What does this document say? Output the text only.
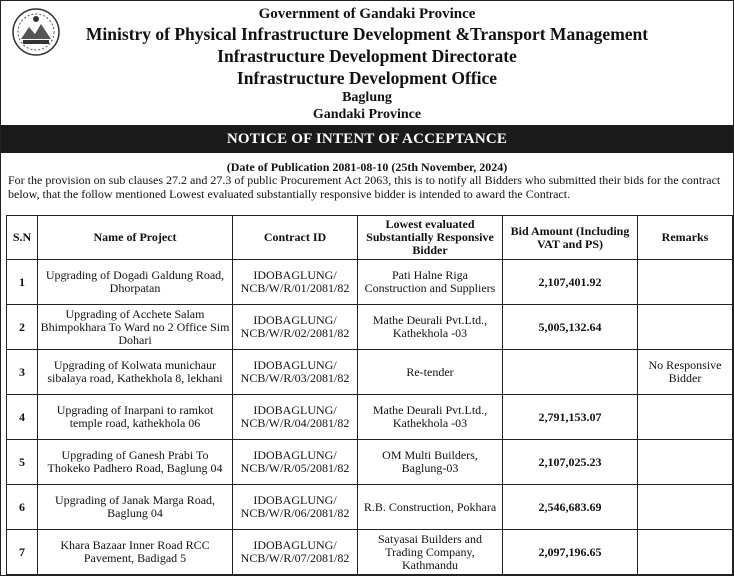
Government of Gandaki Province
Ministry of Physical Infrastructure Development &Transport Management
Infrastructure Development Directorate
Infrastructure Development Office
Baglung
Gandaki Province
NOTICE OF INTENT OF ACCEPTANCE
(Date of Publication 2081-08-10 (25th November, 2024)
For the provision on sub clauses 27.2 and 27.3 of public Procurement Act 2063, this is to notify all Bidders who submitted their bids for the contract below, that the follow mentioned Lowest evaluated substantially responsive bidder is intended to award the Contract.
S.N	Name of Project	Contract ID	Lowest evaluated Substantially Responsive Bidder	Bid Amount (Including VAT and PS)	Remarks
1	Upgrading of Dogadi Galdung Road, Dhorpatan	IDOBAGLUNG/ NCB/W/R/01/2081/82	Pati Halne Riga Construction and Suppliers	2,107,401.92	
2	Upgrading of Acchete Salam Bhimpokhara To Ward no 2 Office Sim Dohari	IDOBAGLUNG/ NCB/W/R/02/2081/82	Mathe Deurali Pvt.Ltd., Kathekhola -03	5,005,132.64	
3	Upgrading of Kolwata munichaur sibalaya road, Kathekhola 8, lekhani	IDOBAGLUNG/ NCB/W/R/03/2081/82	Re-tender		No Responsive Bidder
4	Upgrading of Inarpani to ramkot temple road, kathekhola 06	IDOBAGLUNG/ NCB/W/R/04/2081/82	Mathe Deurali Pvt.Ltd., Kathekhola -03	2,791,153.07	
5	Upgrading of Ganesh Prabi To Thokeko Padhero Road, Baglung 04	IDOBAGLUNG/ NCB/W/R/05/2081/82	OM Multi Builders, Baglung-03	2,107,025.23	
6	Upgrading of Janak Marga Road, Baglung 04	IDOBAGLUNG/ NCB/W/R/06/2081/82	R.B. Construction, Pokhara	2,546,683.69	
7	Khara Bazaar Inner Road RCC Pavement, Badigad 5	IDOBAGLUNG/ NCB/W/R/07/2081/82	Satyasai Builders and Trading Company, Kathmandu	2,097,196.65	
